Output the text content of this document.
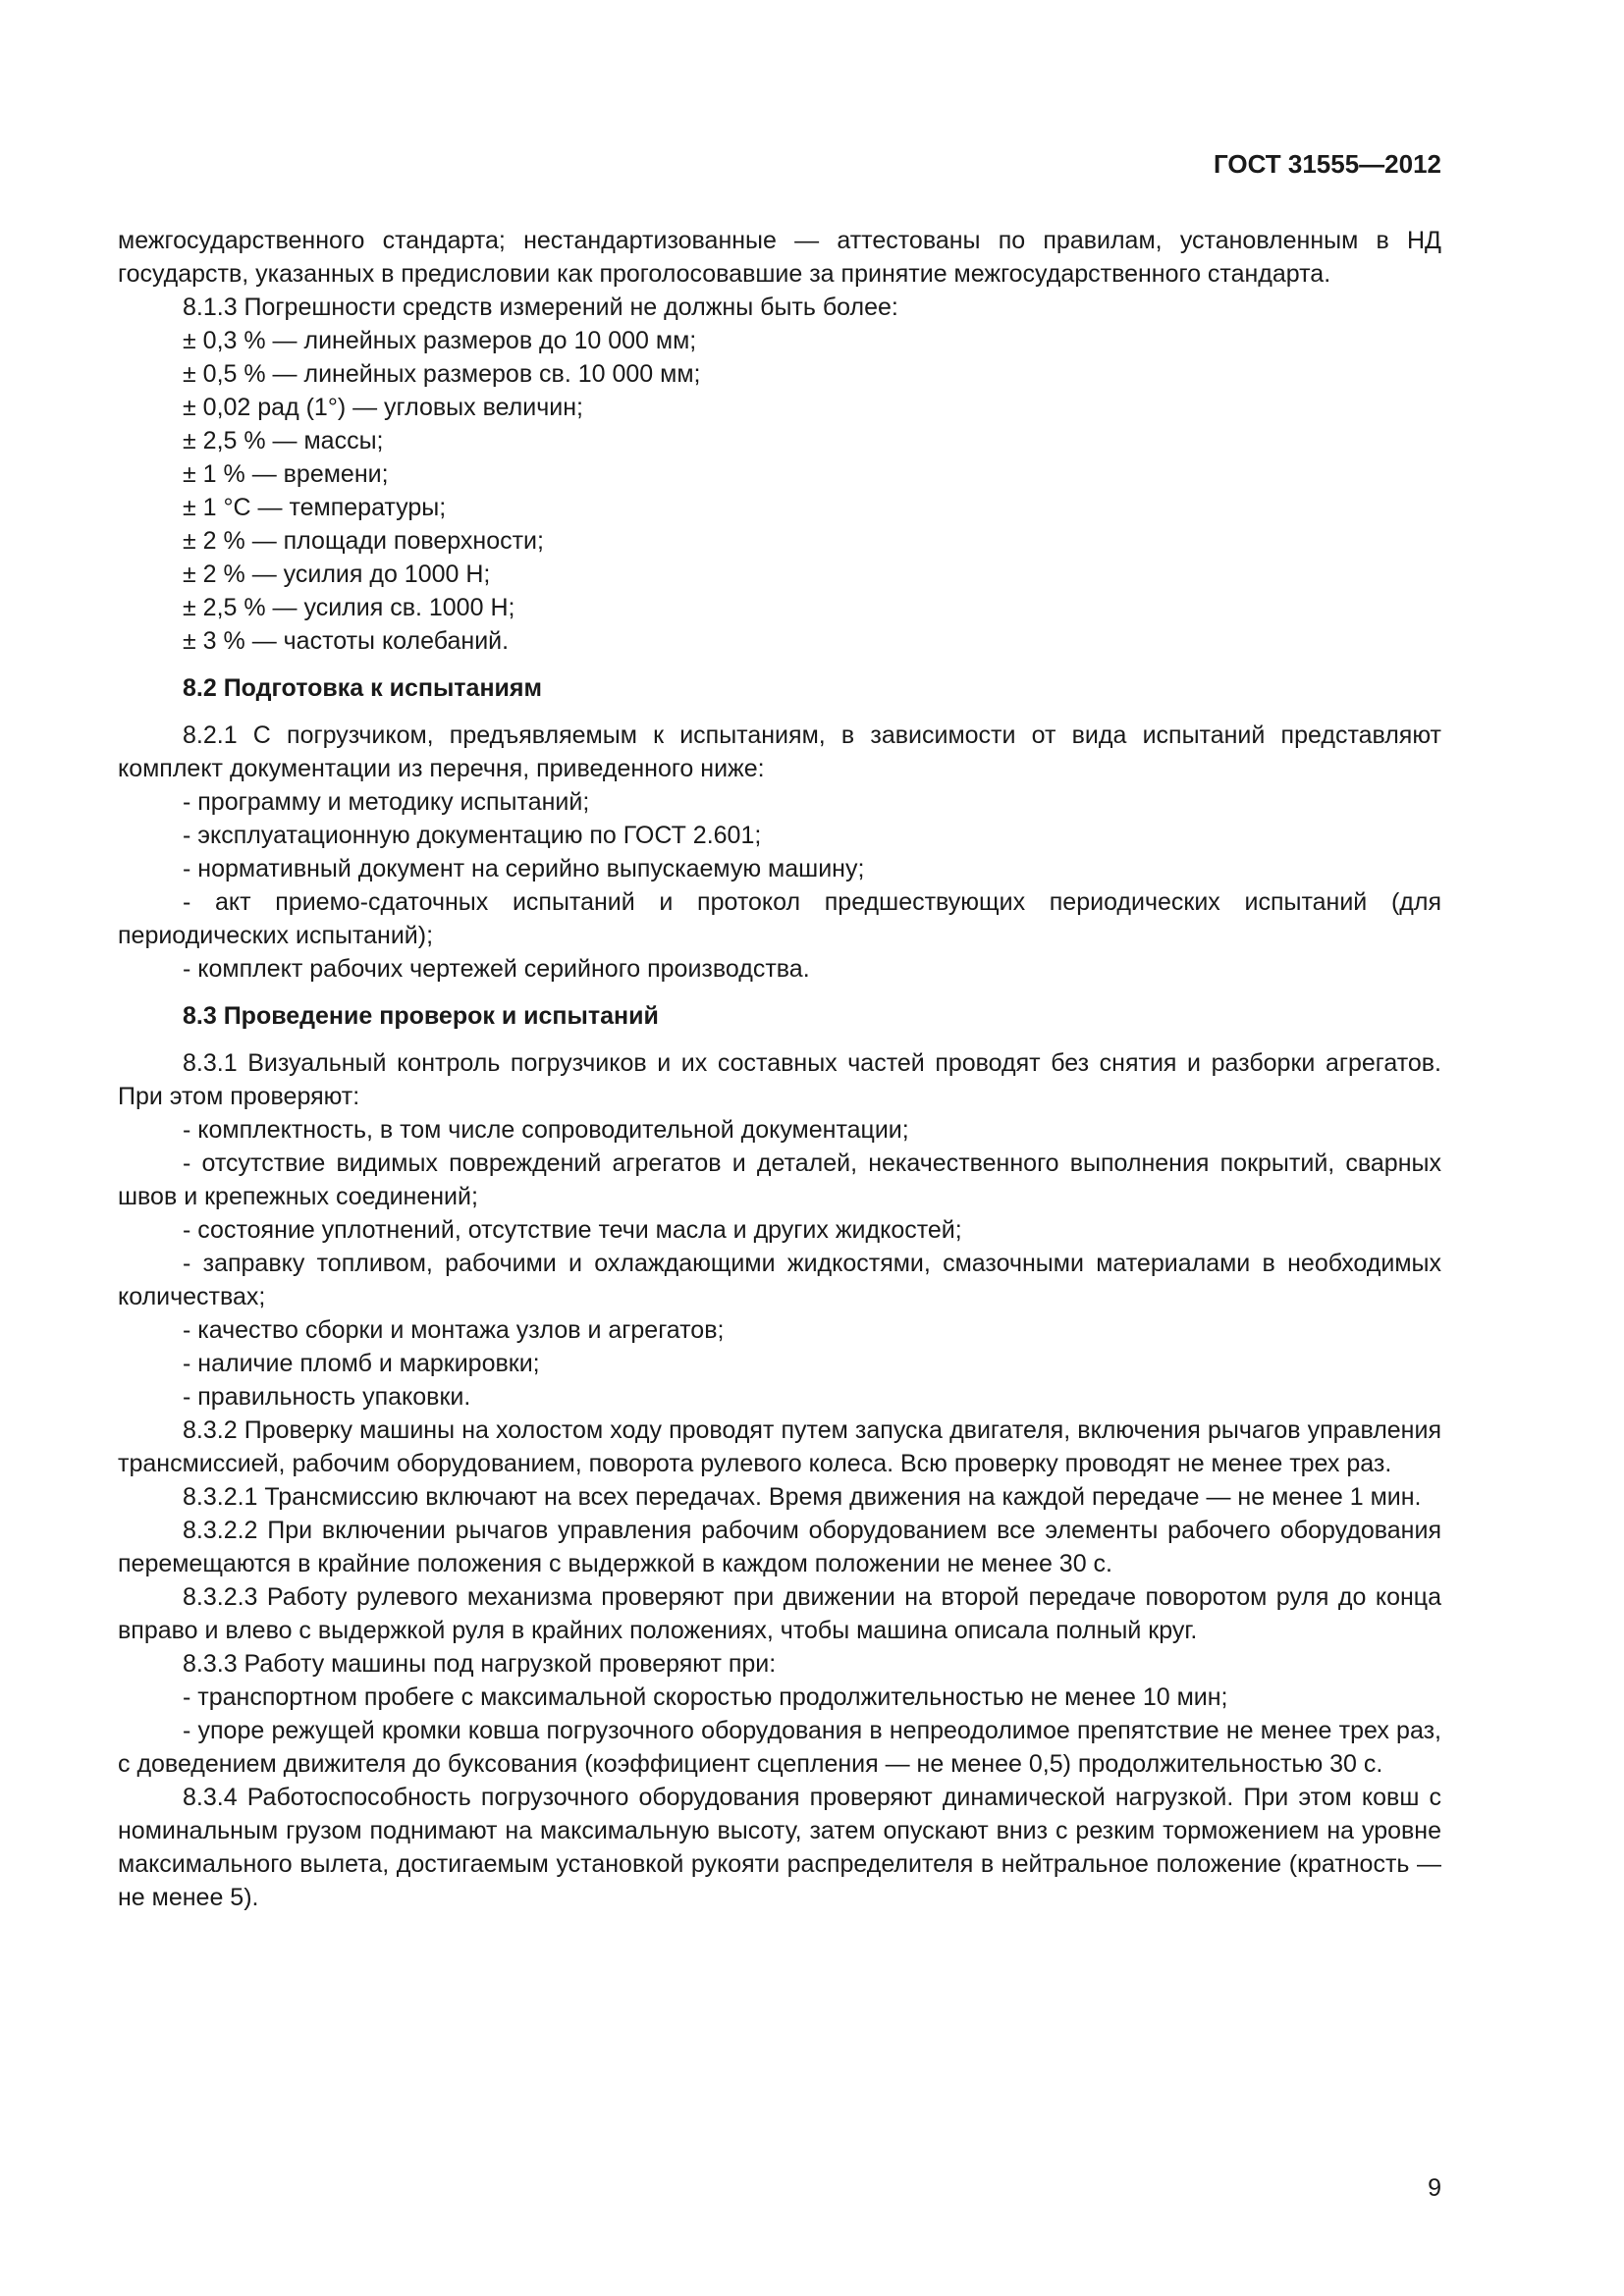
ГОСТ 31555—2012

межгосударственного стандарта; нестандартизованные — аттестованы по правилам, установленным в НД государств, указанных в предисловии как проголосовавшие за принятие межгосударственного стандарта.

8.1.3 Погрешности средств измерений не должны быть более:

± 0,3 % — линейных размеров до 10 000 мм;

± 0,5 % — линейных размеров св. 10 000 мм;

± 0,02 рад (1°) — угловых величин;

± 2,5 % — массы;

± 1 % — времени;

± 1 °С — температуры;

± 2 % — площади поверхности;

± 2 % — усилия до 1000 Н;

± 2,5 % — усилия св. 1000 Н;

± 3 % — частоты колебаний.

8.2 Подготовка к испытаниям

8.2.1 С погрузчиком, предъявляемым к испытаниям, в зависимости от вида испытаний представляют комплект документации из перечня, приведенного ниже:

- программу и методику испытаний;

- эксплуатационную документацию по ГОСТ 2.601;

- нормативный документ на серийно выпускаемую машину;

- акт приемо-сдаточных испытаний и протокол предшествующих периодических испытаний (для периодических испытаний);

- комплект рабочих чертежей серийного производства.

8.3 Проведение проверок и испытаний

8.3.1 Визуальный контроль погрузчиков и их составных частей проводят без снятия и разборки агрегатов. При этом проверяют:

- комплектность, в том числе сопроводительной документации;

- отсутствие видимых повреждений агрегатов и деталей, некачественного выполнения покрытий, сварных швов и крепежных соединений;

- состояние уплотнений, отсутствие течи масла и других жидкостей;

- заправку топливом, рабочими и охлаждающими жидкостями, смазочными материалами в необходимых количествах;

- качество сборки и монтажа узлов и агрегатов;

- наличие пломб и маркировки;

- правильность упаковки.

8.3.2 Проверку машины на холостом ходу проводят путем запуска двигателя, включения рычагов управления трансмиссией, рабочим оборудованием, поворота рулевого колеса. Всю проверку проводят не менее трех раз.

8.3.2.1 Трансмиссию включают на всех передачах. Время движения на каждой передаче — не менее 1 мин.

8.3.2.2 При включении рычагов управления рабочим оборудованием все элементы рабочего оборудования перемещаются в крайние положения с выдержкой в каждом положении не менее 30 с.

8.3.2.3 Работу рулевого механизма проверяют при движении на второй передаче поворотом руля до конца вправо и влево с выдержкой руля в крайних положениях, чтобы машина описала полный круг.

8.3.3 Работу машины под нагрузкой проверяют при:

- транспортном пробеге с максимальной скоростью продолжительностью не менее 10 мин;

- упоре режущей кромки ковша погрузочного оборудования в непреодолимое препятствие не менее трех раз, с доведением движителя до буксования (коэффициент сцепления — не менее 0,5) продолжительностью 30 с.

8.3.4 Работоспособность погрузочного оборудования проверяют динамической нагрузкой. При этом ковш с номинальным грузом поднимают на максимальную высоту, затем опускают вниз с резким торможением на уровне максимального вылета, достигаемым установкой рукояти распределителя в нейтральное положение (кратность — не менее 5).

9
